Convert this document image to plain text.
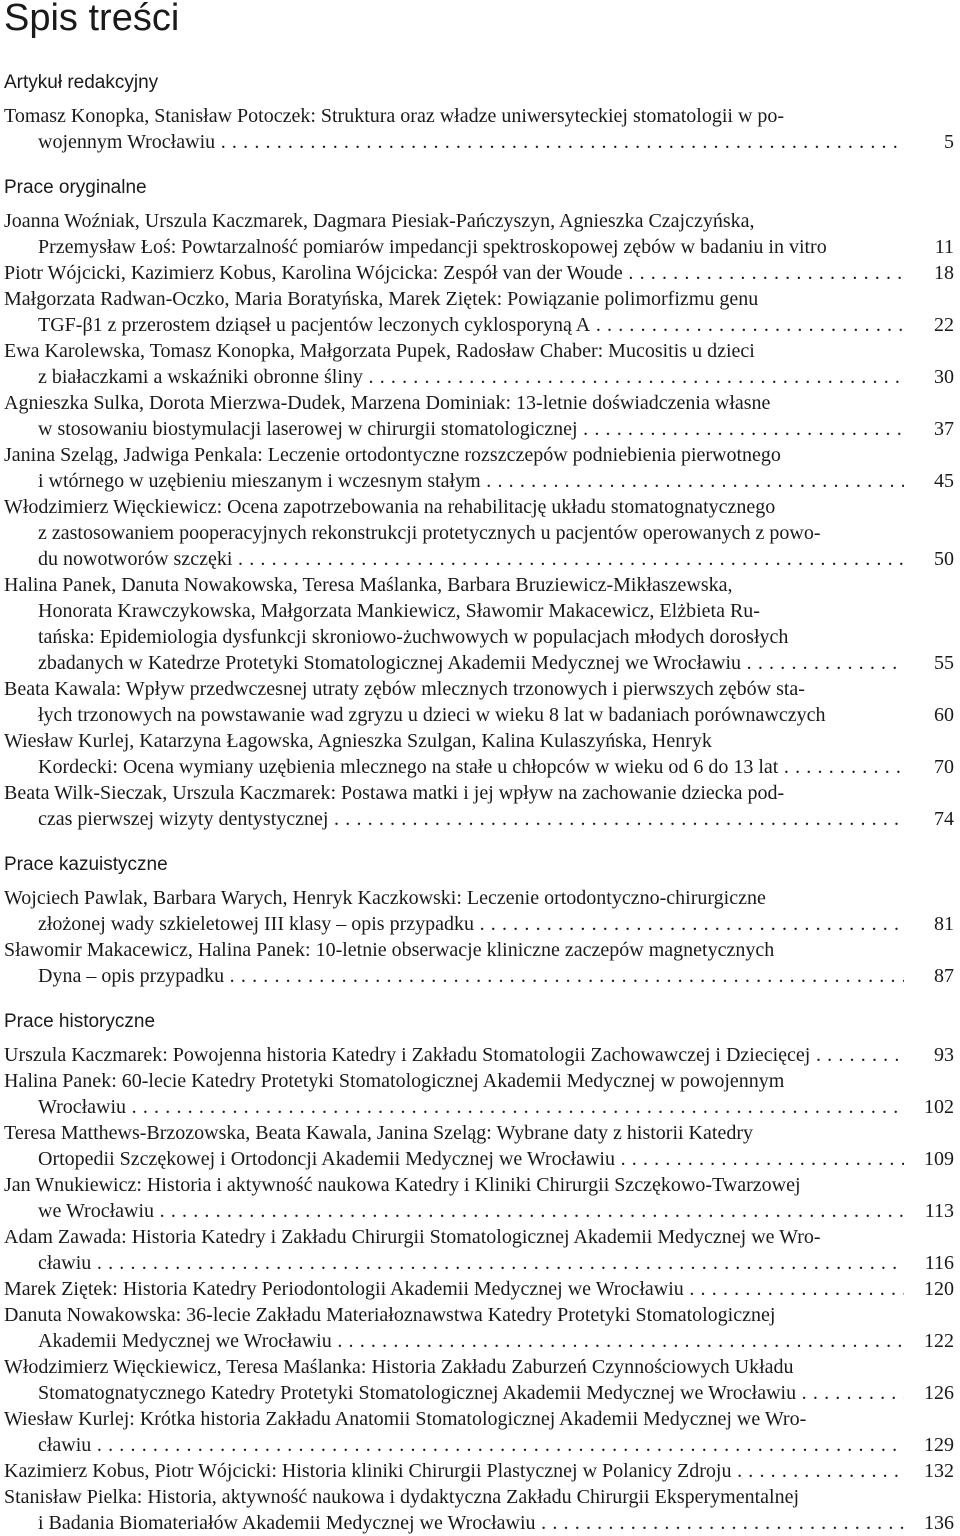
Spis treści
Artykuł redakcyjny
Tomasz Konopka, Stanisław Potoczek: Struktura oraz władze uniwersyteckiej stomatologii w po-
wojennym Wrocławiu . . .	5
Prace oryginalne
Joanna Woźniak, Urszula Kaczmarek, Dagmara Piesiak-Pańczyszyn, Agnieszka Czajczyńska,
Przemysław Łoś: Powtarzalność pomiarów impedancji spektroskopowej zębów w badaniu in vitro	11
Piotr Wójcicki, Kazimierz Kobus, Karolina Wójcicka: Zespół van der Woude . . .	18
Małgorzata Radwan-Oczko, Maria Boratyńska, Marek Ziętek: Powiązanie polimorfizmu genu
TGF-β1 z przerostem dziąseł u pacjentów leczonych cyklosporyną A . . .	22
Ewa Karolewska, Tomasz Konopka, Małgorzata Pupek, Radosław Chaber: Mucositis u dzieci
z białaczkami a wskaźniki obronne śliny . . .	30
Agnieszka Sulka, Dorota Mierzwa-Dudek, Marzena Dominiak: 13-letnie doświadczenia własne
w stosowaniu biostymulacji laserowej w chirurgii stomatologicznej . . .	37
Janina Szeląg, Jadwiga Penkala: Leczenie ortodontyczne rozszczepów podniebienia pierwotnego
i wtórnego w uzębieniu mieszanym i wczesnym stałym . . .	45
Włodzimierz Więckiewicz: Ocena zapotrzebowania na rehabilitację układu stomatognatycznego
z zastosowaniem pooperacyjnych rekonstrukcji protetycznych u pacjentów operowanych z powo-
du nowotworów szczęki . . .	50
Halina Panek, Danuta Nowakowska, Teresa Maślanka, Barbara Bruziewicz-Mikłaszewska,
Honorata Krawczykowska, Małgorzata Mankiewicz, Sławomir Makacewicz, Elżbieta Ru-
tańska: Epidemiologia dysfunkcji skroniowo-żuchwowych w populacjach młodych dorosłych
zbadanych w Katedrze Protetyki Stomatologicznej Akademii Medycznej we Wrocławiu . . .	55
Beata Kawala: Wpływ przedwczesnej utraty zębów mlecznych trzonowych i pierwszych zębów sta-
łych trzonowych na powstawanie wad zgryzu u dzieci w wieku 8 lat w badaniach porównawczych	60
Wiesław Kurlej, Katarzyna Łagowska, Agnieszka Szulgan, Kalina Kulaszyńska, Henryk
Kordecki: Ocena wymiany uzębienia mlecznego na stałe u chłopców w wieku od 6 do 13 lat . . .	70
Beata Wilk-Sieczak, Urszula Kaczmarek: Postawa matki i jej wpływ na zachowanie dziecka pod-
czas pierwszej wizyty dentystycznej . . .	74
Prace kazuistyczne
Wojciech Pawlak, Barbara Warych, Henryk Kaczkowski: Leczenie ortodontyczno-chirurgiczne
złożonej wady szkieletowej III klasy – opis przypadku . . .	81
Sławomir Makacewicz, Halina Panek: 10-letnie obserwacje kliniczne zaczepów magnetycznych
Dyna – opis przypadku . . .	87
Prace historyczne
Urszula Kaczmarek: Powojenna historia Katedry i Zakładu Stomatologii Zachowawczej i Dziecięcej . . .	93
Halina Panek: 60-lecie Katedry Protetyki Stomatologicznej Akademii Medycznej w powojennym
Wrocławiu . . .	102
Teresa Matthews-Brzozowska, Beata Kawala, Janina Szeląg: Wybrane daty z historii Katedry
Ortopedii Szczękowej i Ortodoncji Akademii Medycznej we Wrocławiu . . .	109
Jan Wnukiewicz: Historia i aktywność naukowa Katedry i Kliniki Chirurgii Szczękowo-Twarzowej
we Wrocławiu . . .	113
Adam Zawada: Historia Katedry i Zakładu Chirurgii Stomatologicznej Akademii Medycznej we Wro-
cławiu . . .	116
Marek Ziętek: Historia Katedry Periodontologii Akademii Medycznej we Wrocławiu . . .	120
Danuta Nowakowska: 36-lecie Zakładu Materiałoznawstwa Katedry Protetyki Stomatologicznej
Akademii Medycznej we Wrocławiu . . .	122
Włodzimierz Więckiewicz, Teresa Maślanka: Historia Zakładu Zaburzeń Czynnościowych Układu
Stomatognatycznego Katedry Protetyki Stomatologicznej Akademii Medycznej we Wrocławiu . . .	126
Wiesław Kurlej: Krótka historia Zakładu Anatomii Stomatologicznej Akademii Medycznej we Wro-
cławiu . . .	129
Kazimierz Kobus, Piotr Wójcicki: Historia kliniki Chirurgii Plastycznej w Polanicy Zdroju . . .	132
Stanisław Pielka: Historia, aktywność naukowa i dydaktyczna Zakładu Chirurgii Eksperymentalnej
i Badania Biomateriałów Akademii Medycznej we Wrocławiu . . .	136
